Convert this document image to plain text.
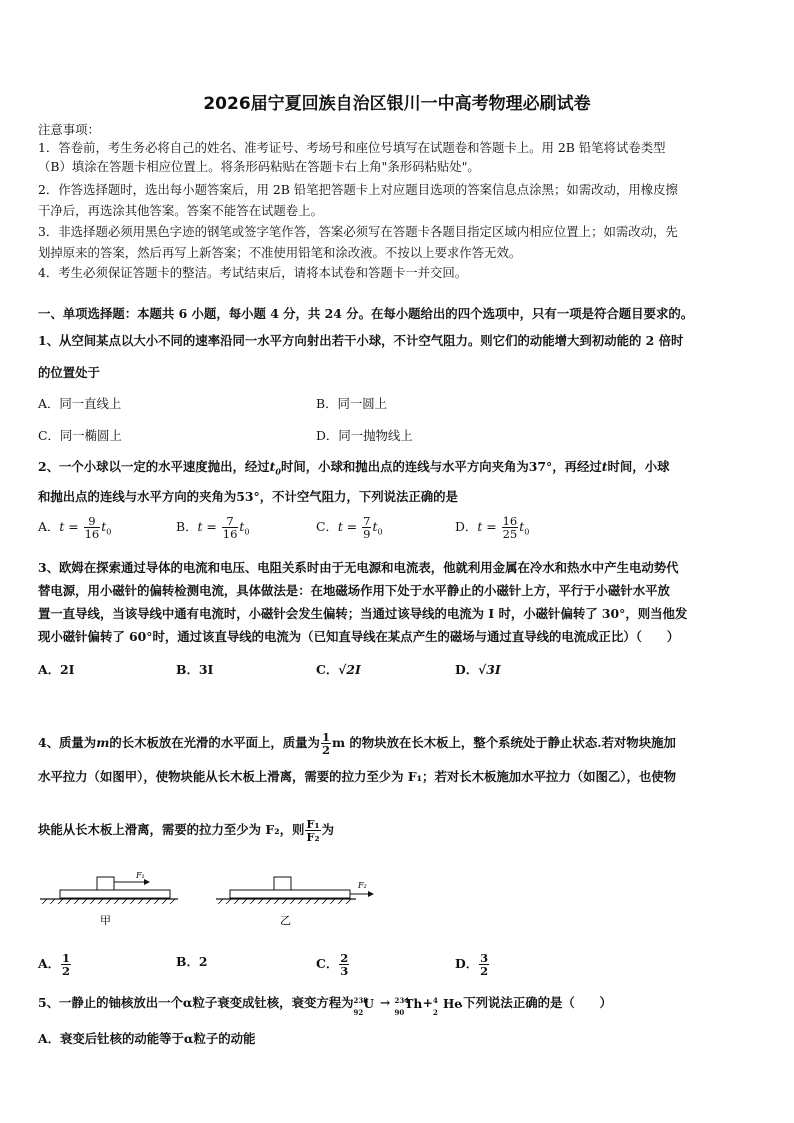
2026届宁夏回族自治区银川一中高考物理必刷试卷
注意事项：
1．答卷前，考生务必将自己的姓名、准考证号、考场号和座位号填写在试题卷和答题卡上。用 2B 铅笔将试卷类型
（B）填涂在答题卡相应位置上。将条形码粘贴在答题卡右上角"条形码粘贴处"。
2．作答选择题时，选出每小题答案后，用 2B 铅笔把答题卡上对应题目选项的答案信息点涂黑；如需改动，用橡皮擦
干净后，再选涂其他答案。答案不能答在试题卷上。
3．非选择题必须用黑色字迹的钢笔或签字笔作答，答案必须写在答题卡各题目指定区域内相应位置上；如需改动，先
划掉原来的答案，然后再写上新答案；不准使用铅笔和涂改液。不按以上要求作答无效。
4．考生必须保证答题卡的整洁。考试结束后，请将本试卷和答题卡一并交回。
一、单项选择题：本题共 6 小题，每小题 4 分，共 24 分。在每小题给出的四个选项中，只有一项是符合题目要求的。
1、从空间某点以大小不同的速率沿同一水平方向射出若干小球，不计空气阻力。则它们的动能增大到初动能的 2 倍时
的位置处于
A．同一直线上	B．同一圆上
C．同一椭圆上	D．同一抛物线上
2、一个小球以一定的水平速度抛出，经过$t_0$时间，小球和抛出点的连线与水平方向夹角为37°，再经过t时间，小球
和抛出点的连线与水平方向的夹角为53°，不计空气阻力，下列说法正确的是
A．$t = \frac{9}{16} t_0$	B．$t = \frac{7}{16} t_0$	C．$t = \frac{7}{9} t_0$	D．$t = \frac{16}{25} t_0$
3、欧姆在探索通过导体的电流和电压、电阻关系时由于无电源和电流表，他就利用金属在冷水和热水中产生电动势代
替电源，用小磁针的偏转检测电流，具体做法是：在地磁场作用下处于水平静止的小磁针上方，平行于小磁针水平放
置一直导线，当该导线中通有电流时，小磁针会发生偏转；当通过该导线的电流为 I 时，小磁针偏转了 30°，则当他发
现小磁针偏转了 60°时，通过该直导线的电流为（已知直导线在某点产生的磁场与通过直导线的电流成正比）（　　）
A．2I	B．3I	C．√2I	D．√3I
4、质量为m的长木板放在光滑的水平面上，质量为 $\frac{1}{2}$ m 的物块放在长木板上，整个系统处于静止状态.若对物块施加
水平拉力（如图甲），使物块能从长木板上滑离，需要的拉力至少为 F₁；若对长木板施加水平拉力（如图乙），也使物
块能从长木板上滑离，需要的拉力至少为 F₂，则 $\frac{\text{F₁}}{\text{F₂}}$ 为
F₁
甲
F₂
乙
A． $\frac{1}{2}$	B．2	C． $\frac{2}{3}$	D． $\frac{3}{2}$
5、一静止的铀核放出一个α粒子衰变成钍核，衰变方程为 238
92
U → 234
90
Th + 4
2
He
.下列说法正确的是（　　）
A．衰变后钍核的动能等于α粒子的动能
